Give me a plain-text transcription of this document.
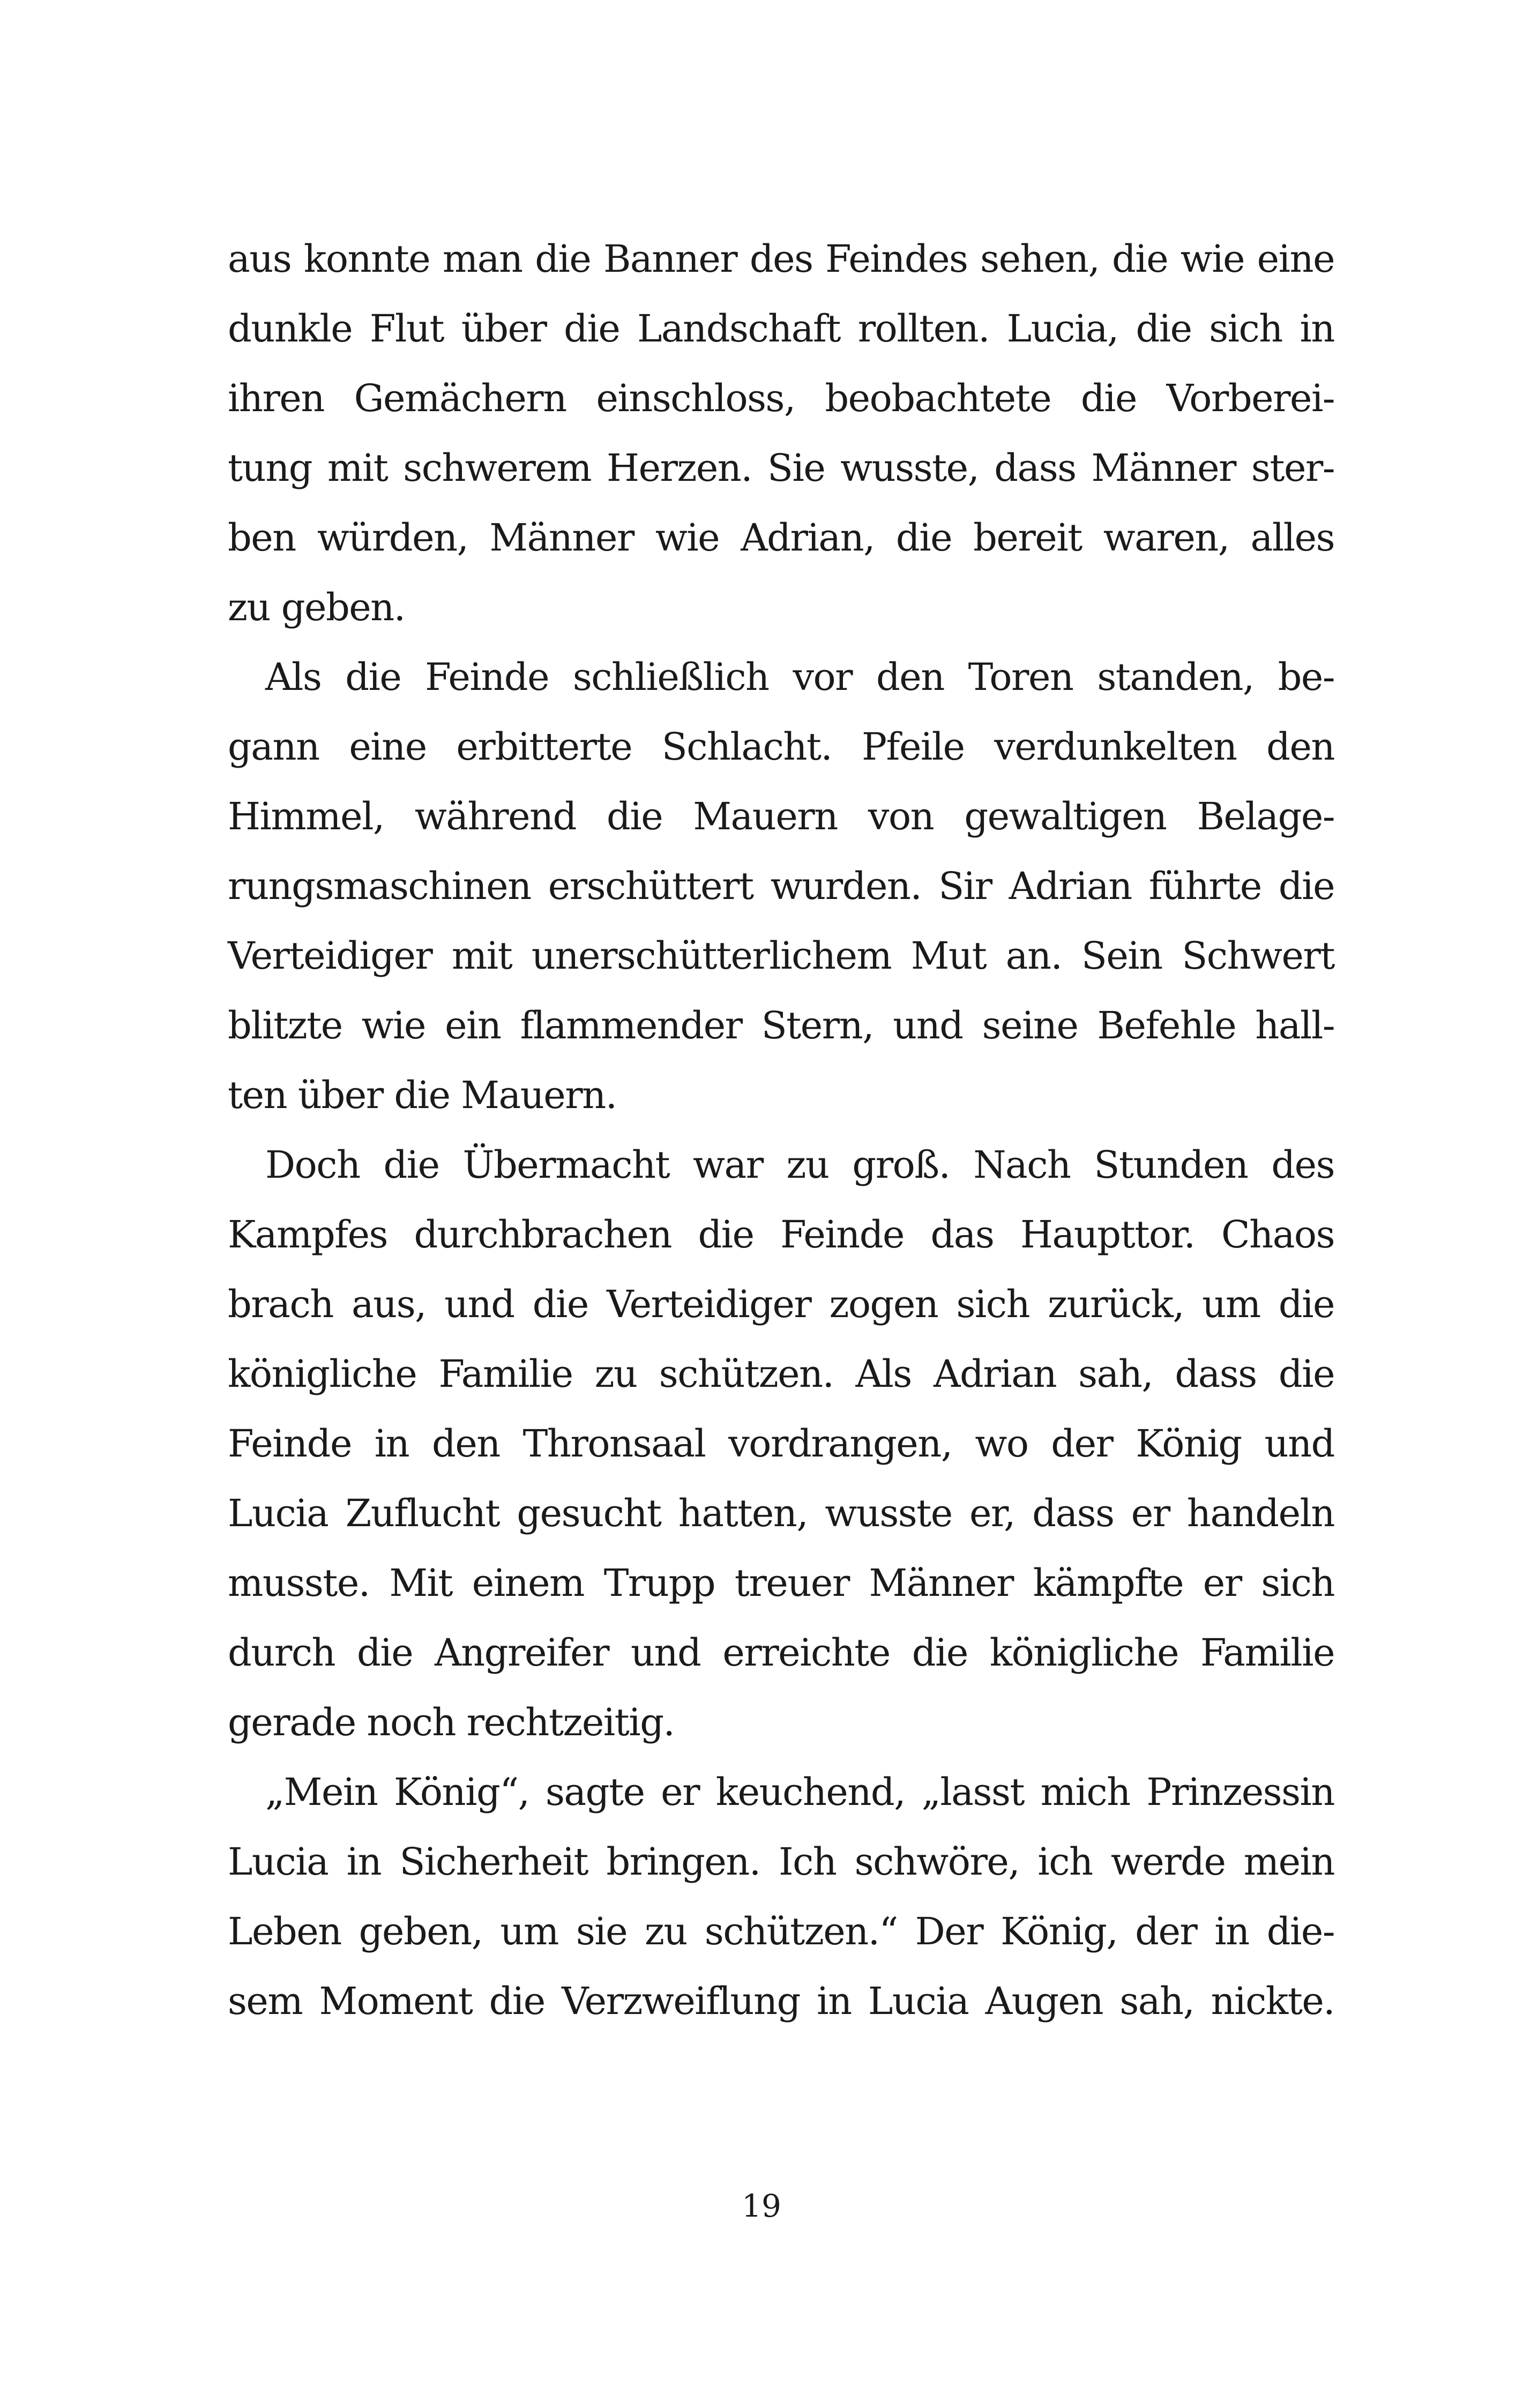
aus konnte man die Banner des Feindes sehen, die wie eine
dunkle Flut über die Landschaft rollten. Lucia, die sich in
ihren Gemächern einschloss, beobachtete die Vorberei-
tung mit schwerem Herzen. Sie wusste, dass Männer ster-
ben würden, Männer wie Adrian, die bereit waren, alles
zu geben.
Als die Feinde schließlich vor den Toren standen, be-
gann eine erbitterte Schlacht. Pfeile verdunkelten den
Himmel, während die Mauern von gewaltigen Belage-
rungsmaschinen erschüttert wurden. Sir Adrian führte die
Verteidiger mit unerschütterlichem Mut an. Sein Schwert
blitzte wie ein flammender Stern, und seine Befehle hall-
ten über die Mauern.
Doch die Übermacht war zu groß. Nach Stunden des
Kampfes durchbrachen die Feinde das Haupttor. Chaos
brach aus, und die Verteidiger zogen sich zurück, um die
königliche Familie zu schützen. Als Adrian sah, dass die
Feinde in den Thronsaal vordrangen, wo der König und
Lucia Zuflucht gesucht hatten, wusste er, dass er handeln
musste. Mit einem Trupp treuer Männer kämpfte er sich
durch die Angreifer und erreichte die königliche Familie
gerade noch rechtzeitig.
„Mein König“, sagte er keuchend, „lasst mich Prinzessin
Lucia in Sicherheit bringen. Ich schwöre, ich werde mein
Leben geben, um sie zu schützen.“ Der König, der in die-
sem Moment die Verzweiflung in Lucia Augen sah, nickte.
19
